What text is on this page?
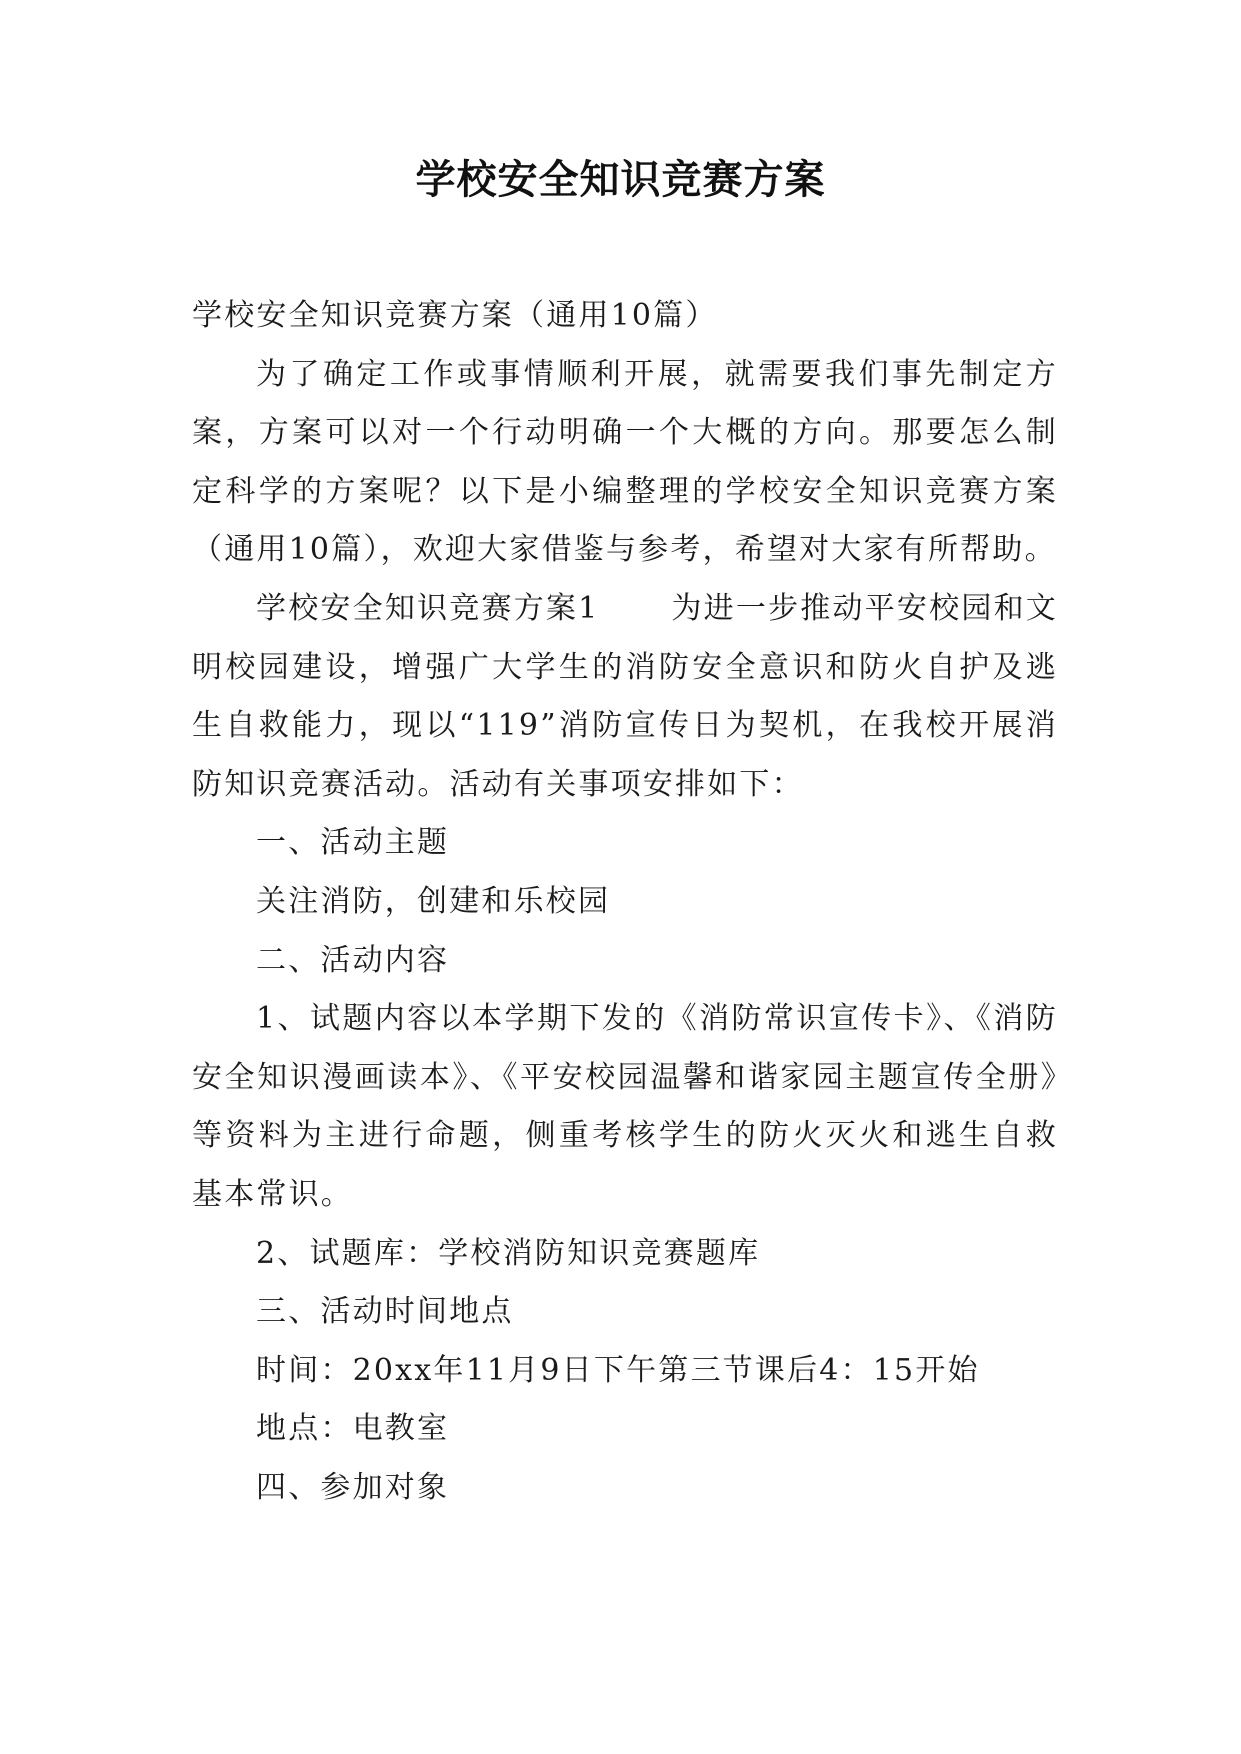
学校安全知识竞赛方案

学校安全知识竞赛方案（通用10篇）

为了确定工作或事情顺利开展，就需要我们事先制定方案，方案可以对一个行动明确一个大概的方向。那要怎么制定科学的方案呢？以下是小编整理的学校安全知识竞赛方案（通用10篇），欢迎大家借鉴与参考，希望对大家有所帮助。

学校安全知识竞赛方案1 为进一步推动平安校园和文明校园建设，增强广大学生的消防安全意识和防火自护及逃生自救能力，现以“119”消防宣传日为契机，在我校开展消防知识竞赛活动。活动有关事项安排如下：

一、活动主题

关注消防，创建和乐校园

二、活动内容

1、试题内容以本学期下发的《消防常识宣传卡》、《消防安全知识漫画读本》、《平安校园温馨和谐家园主题宣传全册》等资料为主进行命题，侧重考核学生的防火灭火和逃生自救基本常识。

2、试题库：学校消防知识竞赛题库

三、活动时间地点

时间：20xx年11月9日下午第三节课后4：15开始

地点：电教室

四、参加对象
